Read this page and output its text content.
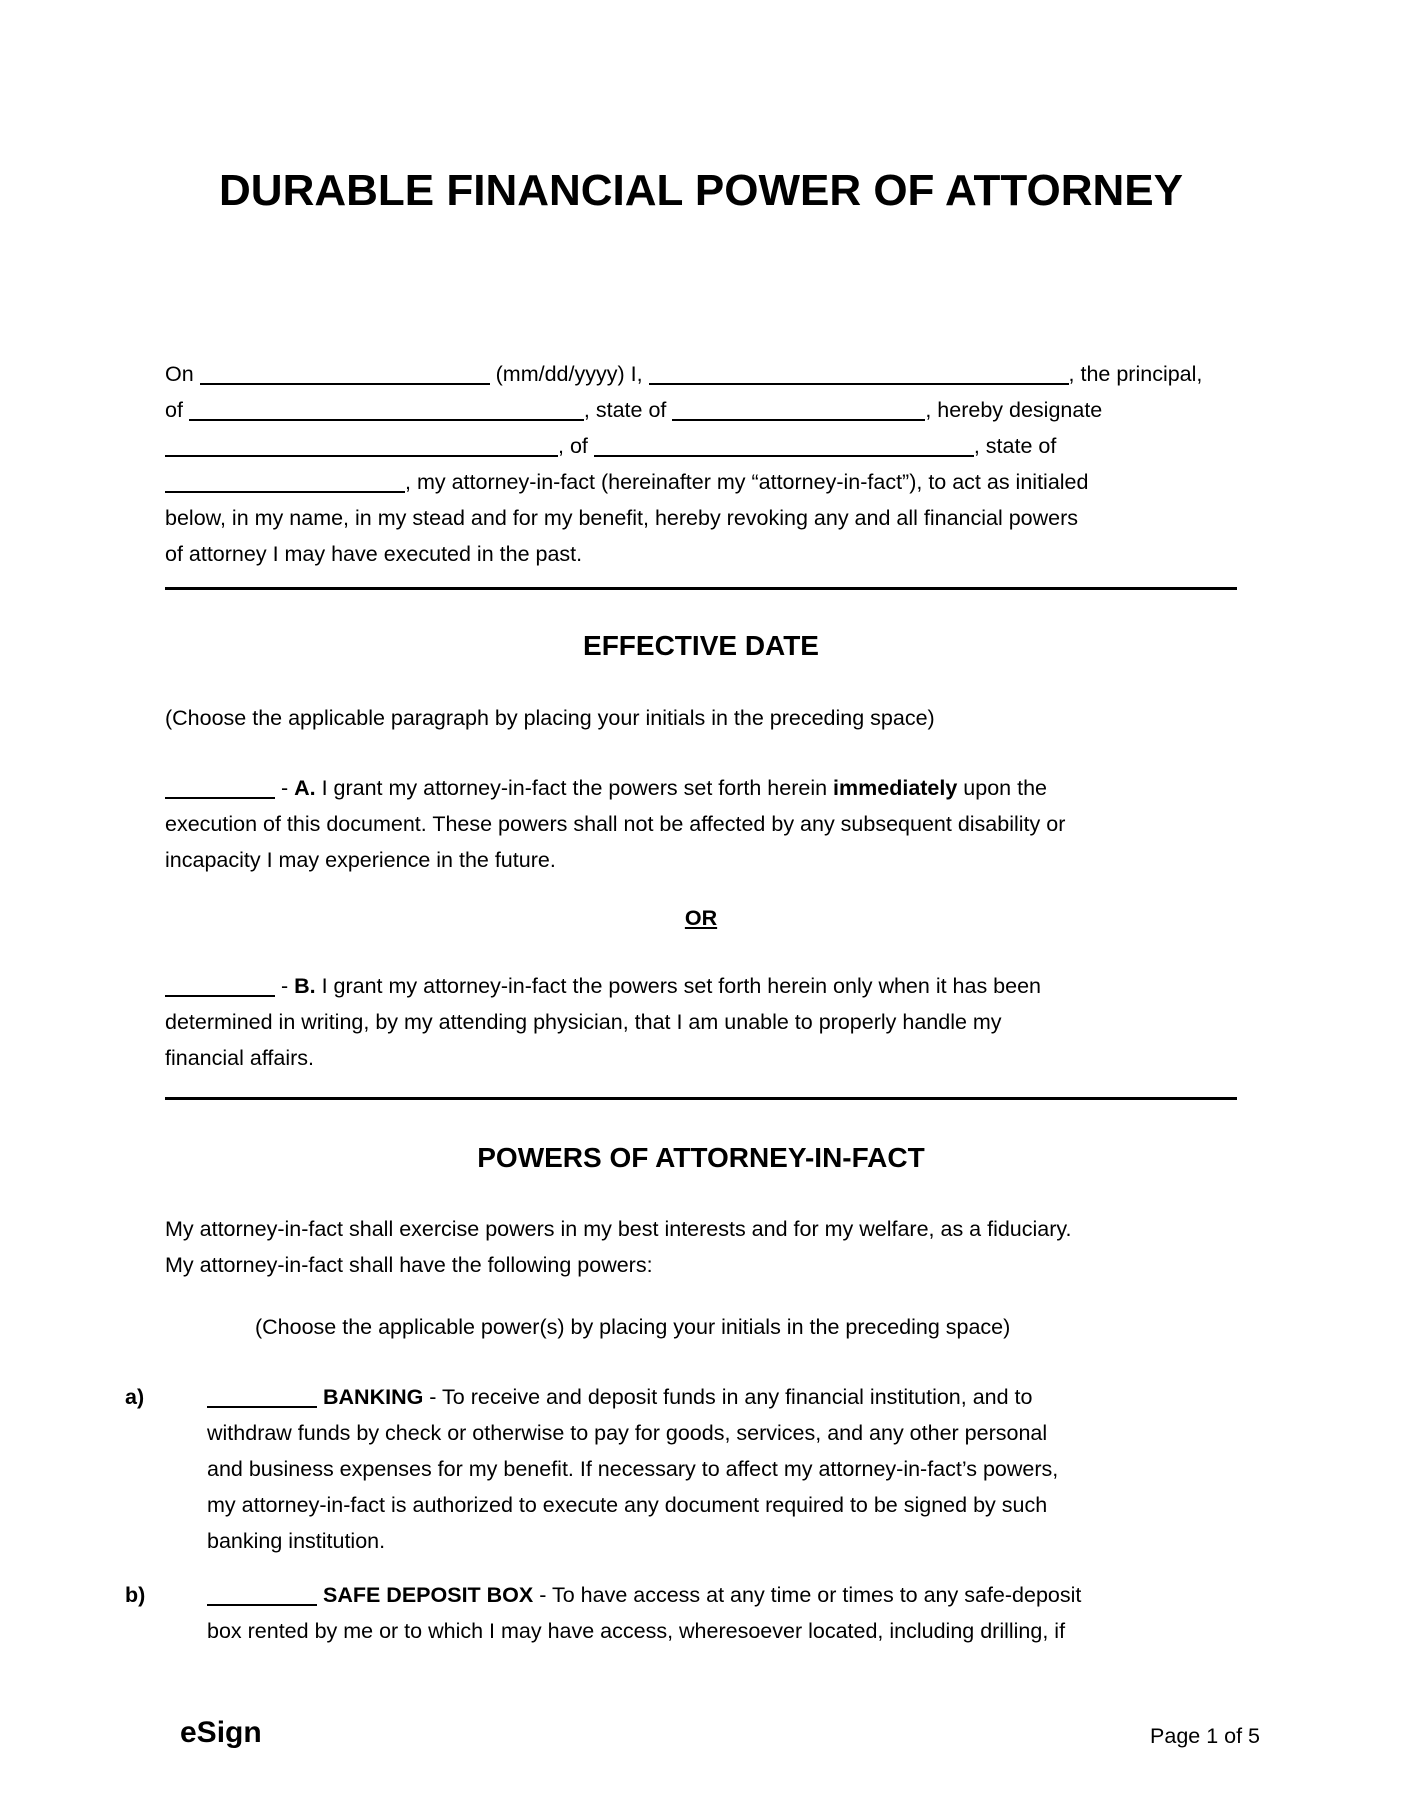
DURABLE FINANCIAL POWER OF ATTORNEY
On	(mm/dd/yyyy) I,	, the principal,
of	, state of	, hereby designate
, of	, state of
, my attorney-in-fact (hereinafter my “attorney-in-fact”), to act as initialed
below, in my name, in my stead and for my benefit, hereby revoking any and all financial powers
of attorney I may have executed in the past.
EFFECTIVE DATE
(Choose the applicable paragraph by placing your initials in the preceding space)
- A. I grant my attorney-in-fact the powers set forth herein immediately upon the
execution of this document. These powers shall not be affected by any subsequent disability or
incapacity I may experience in the future.
OR
- B. I grant my attorney-in-fact the powers set forth herein only when it has been
determined in writing, by my attending physician, that I am unable to properly handle my
financial affairs.
POWERS OF ATTORNEY-IN-FACT
My attorney-in-fact shall exercise powers in my best interests and for my welfare, as a fiduciary.
My attorney-in-fact shall have the following powers:
(Choose the applicable power(s) by placing your initials in the preceding space)
a)	BANKING - To receive and deposit funds in any financial institution, and to
withdraw funds by check or otherwise to pay for goods, services, and any other personal
and business expenses for my benefit. If necessary to affect my attorney-in-fact’s powers,
my attorney-in-fact is authorized to execute any document required to be signed by such
banking institution.
b)	SAFE DEPOSIT BOX - To have access at any time or times to any safe-deposit
box rented by me or to which I may have access, wheresoever located, including drilling, if
eSign	Page 1 of 5
